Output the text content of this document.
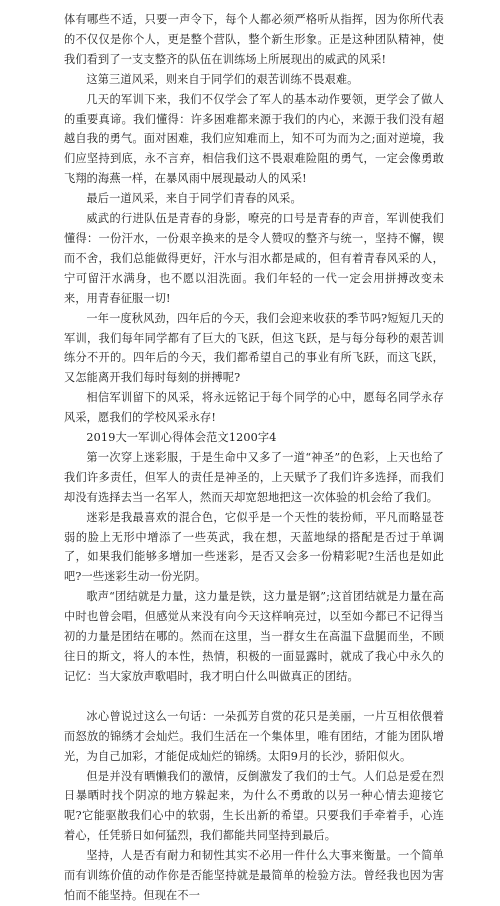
体有哪些不适，只要一声令下，每个人都必须严格听从指挥，因为你所代表的不仅仅是你个人，更是整个营队，整个新生形象。正是这种团队精神，使我们看到了一支支整齐的队伍在训练场上所展现出的威武的风采!

这第三道风采，则来自于同学们的艰苦训练不畏艰难。

几天的军训下来，我们不仅学会了军人的基本动作要领，更学会了做人的重要真谛。我们懂得：许多困难都来源于我们的内心，来源于我们没有超越自我的勇气。面对困难，我们应知难而上，知不可为而为之;面对逆境，我们应坚持到底，永不言弃，相信我们这不畏艰难险阻的勇气，一定会像勇敢飞翔的海燕一样，在暴风雨中展现最动人的风采!

最后一道风采，来自于同学们青春的风采。

威武的行进队伍是青春的身影，嘹亮的口号是青春的声音，军训使我们懂得：一份汗水，一份艰辛换来的是令人赞叹的整齐与统一，坚持不懈，锲而不舍，我们总能做得更好，汗水与泪水都是咸的，但有着青春风采的人，宁可留汗水满身，也不愿以泪洗面。我们年轻的一代一定会用拼搏改变未来，用青春征服一切!

一年一度秋风劲，四年后的今天，我们会迎来收获的季节吗?短短几天的军训，我们每年同学都有了巨大的飞跃，但这飞跃，是与每分每秒的艰苦训练分不开的。四年后的今天，我们都希望自己的事业有所飞跃，而这飞跃，又怎能离开我们每时每刻的拼搏呢?

相信军训留下的风采，将永远铭记于每个同学的心中，愿每名同学永存风采，愿我们的学校风采永存!

2019大一军训心得体会范文1200字4

第一次穿上迷彩服，于是生命中又多了一道“神圣”的色彩，上天也给了我们许多责任，但军人的责任是神圣的，上天赋予了我们许多选择，而我们却没有选择去当一名军人，然而天却宽恕地把这一次体验的机会给了我们。

迷彩是我最喜欢的混合色，它似乎是一个天性的装扮师，平凡而略显苍弱的脸上无形中增添了一些英武，我在想，天蓝地绿的搭配是否过于单调了，如果我们能够多增加一些迷彩，是否又会多一份精彩呢?生活也是如此吧?一些迷彩生动一份光阴。

歌声“团结就是力量，这力量是铁，这力量是钢”;这首团结就是力量在高中时也曾会唱，但感觉从来没有向今天这样响亮过，以至如今都已不记得当初的力量是团结在哪的。然而在这里，当一群女生在高温下盘腿而坐，不顾往日的斯文，将人的本性，热情，积极的一面显露时，就成了我心中永久的记忆：当大家放声歌唱时，我才明白什么叫做真正的团结。

冰心曾说过这么一句话：一朵孤芳自赏的花只是美丽，一片互相依偎着而怒放的锦绣才会灿烂。我们生活在一个集体里，唯有团结，才能为团队增光，为自己加彩，才能促成灿烂的锦绣。太阳9月的长沙，骄阳似火。

但是并没有晒懒我们的激情，反倒激发了我们的士气。人们总是爱在烈日暴晒时找个阴凉的地方躲起来，为什么不勇敢的以另一种心情去迎接它呢?它能驱散我们心中的软弱，生长出新的希望。只要我们手牵着手，心连着心，任凭骄日如何猛烈，我们都能共同坚持到最后。

坚持，人是否有耐力和韧性其实不必用一件什么大事来衡量。一个简单而有训练价值的动作你是否能坚持就是最简单的检验方法。曾经我也因为害怕而不能坚持。但现在不一
